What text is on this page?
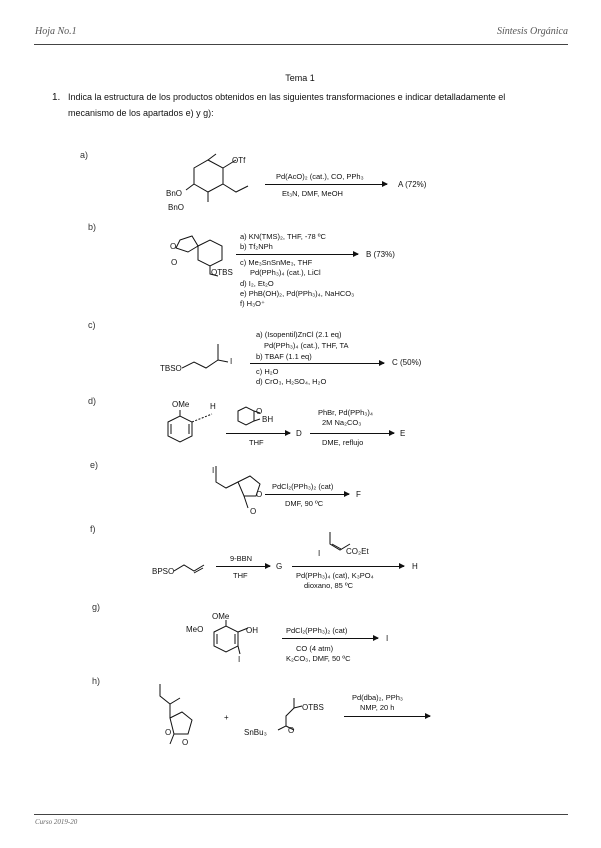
Hoja No.1	Síntesis Orgánica
Tema 1
1. Indica la estructura de los productos obtenidos en las siguientes transformaciones e indicar detalladamente el mecanismo de los apartados e) y g):
a)
OTf
BnO
BnO
Pd(AcO)₂ (cat.), CO, PPh₃
Et₃N, DMF, MeOH
A (72%)
b)
O
O
OTBS
a) KN(TMS)₂, THF, -78 ºC
b) Tf₂NPh
c) Me₃SnSnMe₃, THF
Pd(PPh₃)₄ (cat.), LiCl
d) I₂, Et₂O
e) PhB(OH)₂, Pd(PPh₃)₄, NaHCO₃
f) H₃O⁺
B (73%)
c)
TBSO
I
a) (Isopentil)ZnCl (2.1 eq)
Pd(PPh₃)₄ (cat.), THF, TA
b) TBAF (1.1 eq)
c) H₂O
d) CrO₃, H₂SO₄, H₂O
C (50%)
d)	OMe	H
O
BH
THF
D
PhBr, Pd(PPh₃)₄
2M Na₂CO₃
DME, reflujo
E
e)
I
O
O
PdCl₂(PPh₃)₂ (cat)
DMF, 90 ºC
F
f)
BPSO
9-BBN
THF
G
I	CO₂Et
Pd(PPh₃)₄ (cat), K₃PO₄
dioxano, 85 ºC
H
g)
OMe
MeO	OH
I
PdCl₂(PPh₃)₂ (cat)
CO (4 atm)
K₂CO₃, DMF, 50 ºC
I
h)
O
O
+
OTBS
SnBu₃	O
Pd(dba)₂, PPh₃
NMP, 20 h
Curso 2019-20
